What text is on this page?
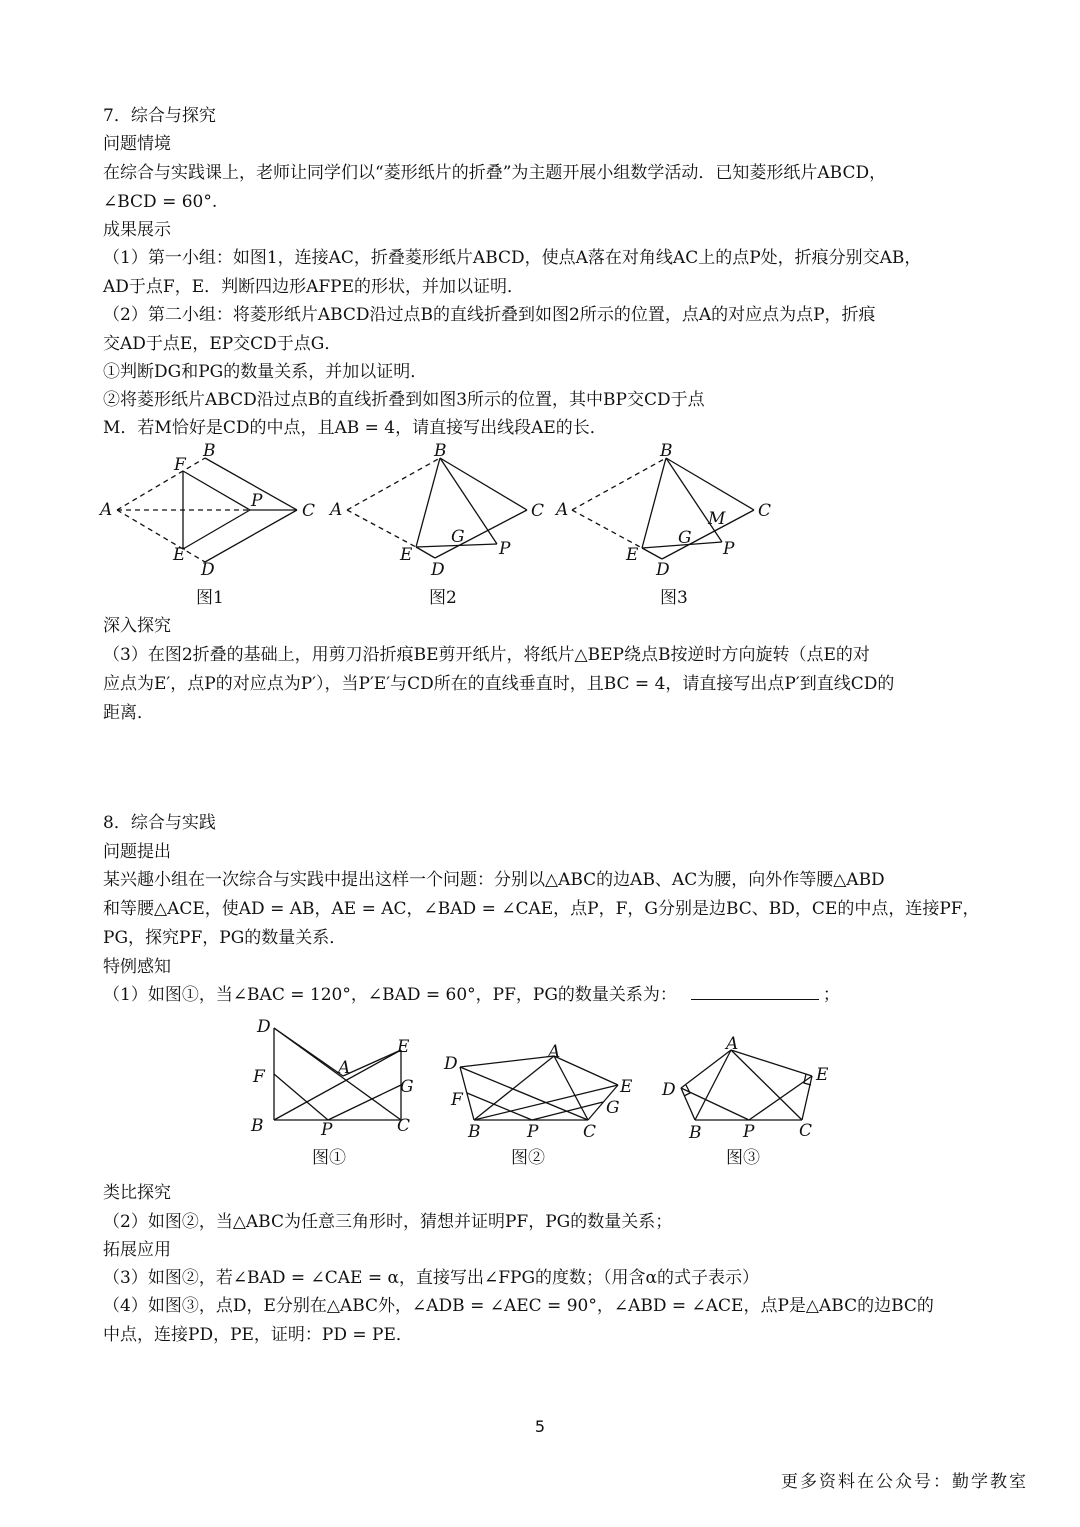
7．综合与探究
问题情境
在综合与实践课上，老师让同学们以“菱形纸片的折叠”为主题开展小组数学活动．已知菱形纸片ABCD，
∠BCD = 60°.
成果展示
（1）第一小组：如图1，连接AC，折叠菱形纸片ABCD，使点A落在对角线AC上的点P处，折痕分别交AB，
AD于点F，E．判断四边形AFPE的形状，并加以证明．
（2）第二小组：将菱形纸片ABCD沿过点B的直线折叠到如图2所示的位置，点A的对应点为点P，折痕
交AD于点E，EP交CD于点G．
①判断DG和PG的数量关系，并加以证明．
②将菱形纸片ABCD沿过点B的直线折叠到如图3所示的位置，其中BP交CD于点
M．若M恰好是CD的中点，且AB = 4，请直接写出线段AE的长．
A
B
C
D
E
F
P
图1
A
B
C
D
E
G
P
图2
A
B
C
D
E
G
M
P
图3
深入探究
（3）在图2折叠的基础上，用剪刀沿折痕BE剪开纸片，将纸片△BEP绕点B按逆时方向旋转（点E的对
应点为E′，点P的对应点为P′），当P′E′与CD所在的直线垂直时，且BC = 4，请直接写出点P′到直线CD的
距离．
8．综合与实践
问题提出
某兴趣小组在一次综合与实践中提出这样一个问题：分别以△ABC的边AB、AC为腰，向外作等腰△ABD
和等腰△ACE，使AD = AB，AE = AC，∠BAD = ∠CAE，点P，F，G分别是边BC、BD，CE的中点，连接PF，
PG，探究PF，PG的数量关系．
特例感知
（1）如图①，当∠BAC = 120°，∠BAD = 60°，PF，PG的数量关系为：	；
D
E
A
F	G
B	P	C
图①
D
A
E
F	G
B	P	C
图②
A
D
E
B P	C
图③
类比探究
（2）如图②，当△ABC为任意三角形时，猜想并证明PF，PG的数量关系；
拓展应用
（3）如图②，若∠BAD = ∠CAE = α，直接写出∠FPG的度数；（用含α的式子表示）
（4）如图③，点D，E分别在△ABC外，∠ADB = ∠AEC = 90°，∠ABD = ∠ACE，点P是△ABC的边BC的
中点，连接PD，PE，证明：PD = PE．
5
更多资料在公众号：勤学教室
